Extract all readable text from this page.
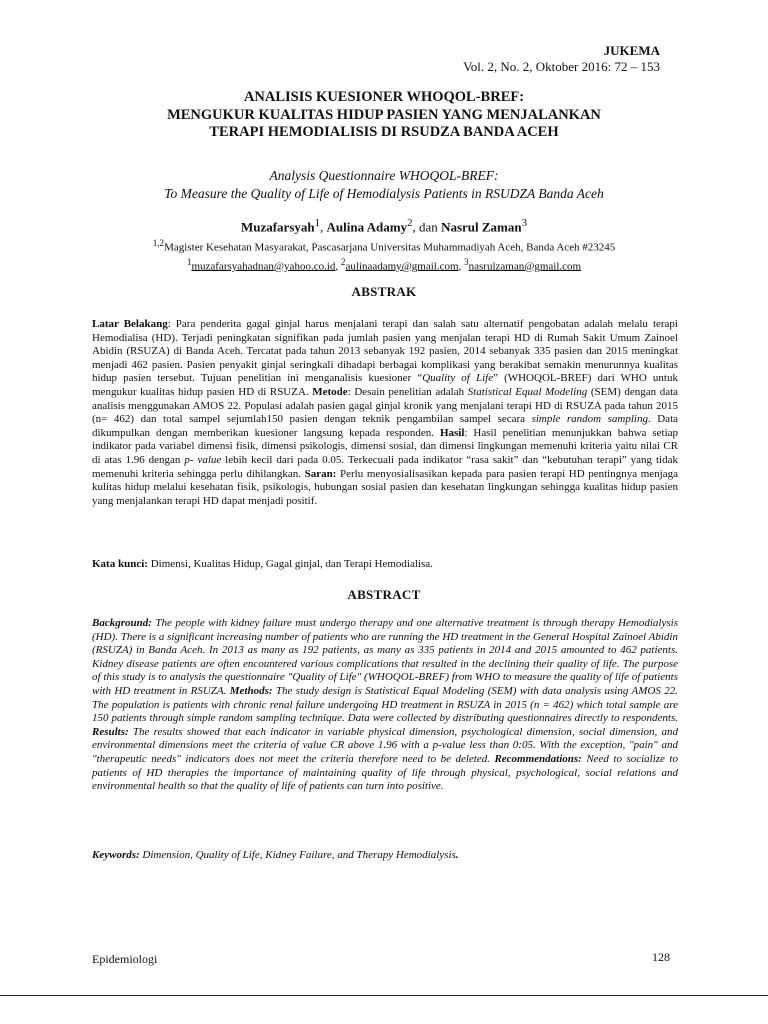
JUKEMA
Vol. 2, No. 2, Oktober 2016: 72 – 153
ANALISIS KUESIONER WHOQOL-BREF:
MENGUKUR KUALITAS HIDUP PASIEN YANG MENJALANKAN
TERAPI HEMODIALISIS DI RSUDZA BANDA ACEH
Analysis Questionnaire WHOQOL-BREF:
To Measure the Quality of Life of Hemodialysis Patients in RSUDZA Banda Aceh
Muzafarsyah$^1$, Aulina Adamy$^2$, dan Nasrul Zaman$^3$
$^{1,2}$Magister Kesehatan Masyarakat, Pascasarjana Universitas Muhammadiyah Aceh, Banda Aceh #23245
$^1$muzafarsyahadnan@yahoo.co.id, $^2$aulinaadamy@gmail.com, $^3$nasrulzaman@gmail.com
ABSTRAK
Latar Belakang: Para penderita gagal ginjal harus menjalani terapi dan salah satu alternatif pengobatan adalah melalu terapi Hemodialisa (HD). Terjadi peningkatan signifikan pada jumlah pasien yang menjalan terapi HD di Rumah Sakit Umum Zainoel Abidin (RSUZA) di Banda Aceh. Tercatat pada tahun 2013 sebanyak 192 pasien, 2014 sebanyak 335 pasien dan 2015 meningkat menjadi 462 pasien. Pasien penyakit ginjal seringkali dihadapi berbagai komplikasi yang berakibat semakin menurunnya kualitas hidup pasien tersebut. Tujuan penelitian ini menganalisis kuesioner “Quality of Life” (WHOQOL-BREF) dari WHO untuk mengukur kualitas hidup pasien HD di RSUZA. Metode: Desain penelitian adalah Statistical Equal Modeling (SEM) dengan data analisis menggunakan AMOS 22. Populasi adalah pasien gagal ginjal kronik yang menjalani terapi HD di RSUZA pada tahun 2015 (n= 462) dan total sampel sejumlah150 pasien dengan teknik pengambilan sampel secara simple random sampling. Data dikumpulkan dengan memberikan kuesioner langsung kepada responden. Hasil: Hasil penelitian menunjukkan bahwa setiap indikator pada variabel dimensi fisik, dimensi psikologis, dimensi sosial, dan dimensi lingkungan memenuhi kriteria yaitu nilai CR di atas 1.96 dengan p- value lebih kecil dari pada 0.05. Terkecuali pada indikator “rasa sakit” dan “kebutuhan terapi” yang tidak memenuhi kriteria sehingga perlu dihilangkan. Saran: Perlu menyosialisasikan kepada para pasien terapi HD pentingnya menjaga kulitas hidup melalui kesehatan fisik, psikologis, hubungan sosial pasien dan kesehatan lingkungan sehingga kualitas hidup pasien yang menjalankan terapi HD dapat menjadi positif.
Kata kunci: Dimensi, Kualitas Hidup, Gagal ginjal, dan Terapi Hemodialisa.
ABSTRACT
Background: The people with kidney failure must undergo therapy and one alternative treatment is through therapy Hemodialysis (HD). There is a significant increasing number of patients who are running the HD treatment in the General Hospital Zainoel Abidin (RSUZA) in Banda Aceh. In 2013 as many as 192 patients, as many as 335 patients in 2014 and 2015 amounted to 462 patients. Kidney disease patients are often encountered various complications that resulted in the declining their quality of life. The purpose of this study is to analysis the questionnaire "Quality of Life" (WHOQOL-BREF) from WHO to measure the quality of life of patients with HD treatment in RSUZA. Methods: The study design is Statistical Equal Modeling (SEM) with data analysis using AMOS 22. The population is patients with chronic renal failure undergoing HD treatment in RSUZA in 2015 (n = 462) which total sample are 150 patients through simple random sampling technique. Data were collected by distributing questionnaires directly to respondents. Results: The results showed that each indicator in variable physical dimension, psychological dimension, social dimension, and environmental dimensions meet the criteria of value CR above 1.96 with a p-value less than 0:05. With the exception, "pain" and "therapeutic needs" indicators does not meet the criteria therefore need to be deleted. Recommendations: Need to socialize to patients of HD therapies the importance of maintaining quality of life through physical, psychological, social relations and environmental health so that the quality of life of patients can turn into positive.
Keywords: Dimension, Quality of Life, Kidney Failure, and Therapy Hemodialysis.
Epidemiologi	128
